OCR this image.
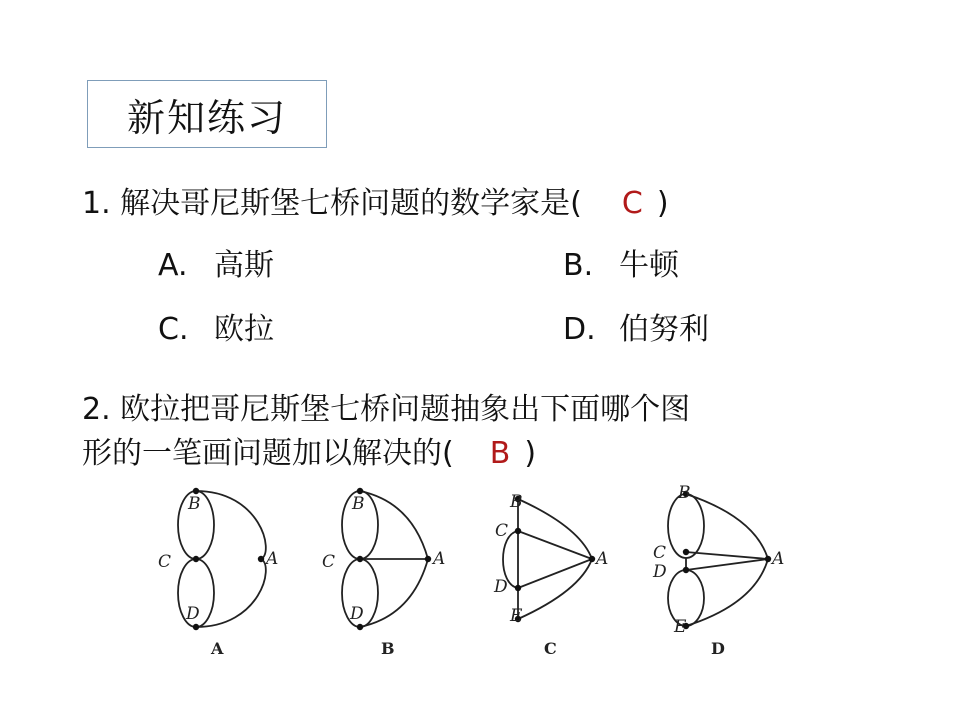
新知练习
1. 解决哥尼斯堡七桥问题的数学家是( C )
A. 高斯	B. 牛顿
C. 欧拉	D. 伯努利
2. 欧拉把哥尼斯堡七桥问题抽象出下面哪个图
形的一笔画问题加以解决的( B )
B
C
D
A
B
C
D
A
B
C
D
E
A
B
C
D
E
A
A	B	C	D
